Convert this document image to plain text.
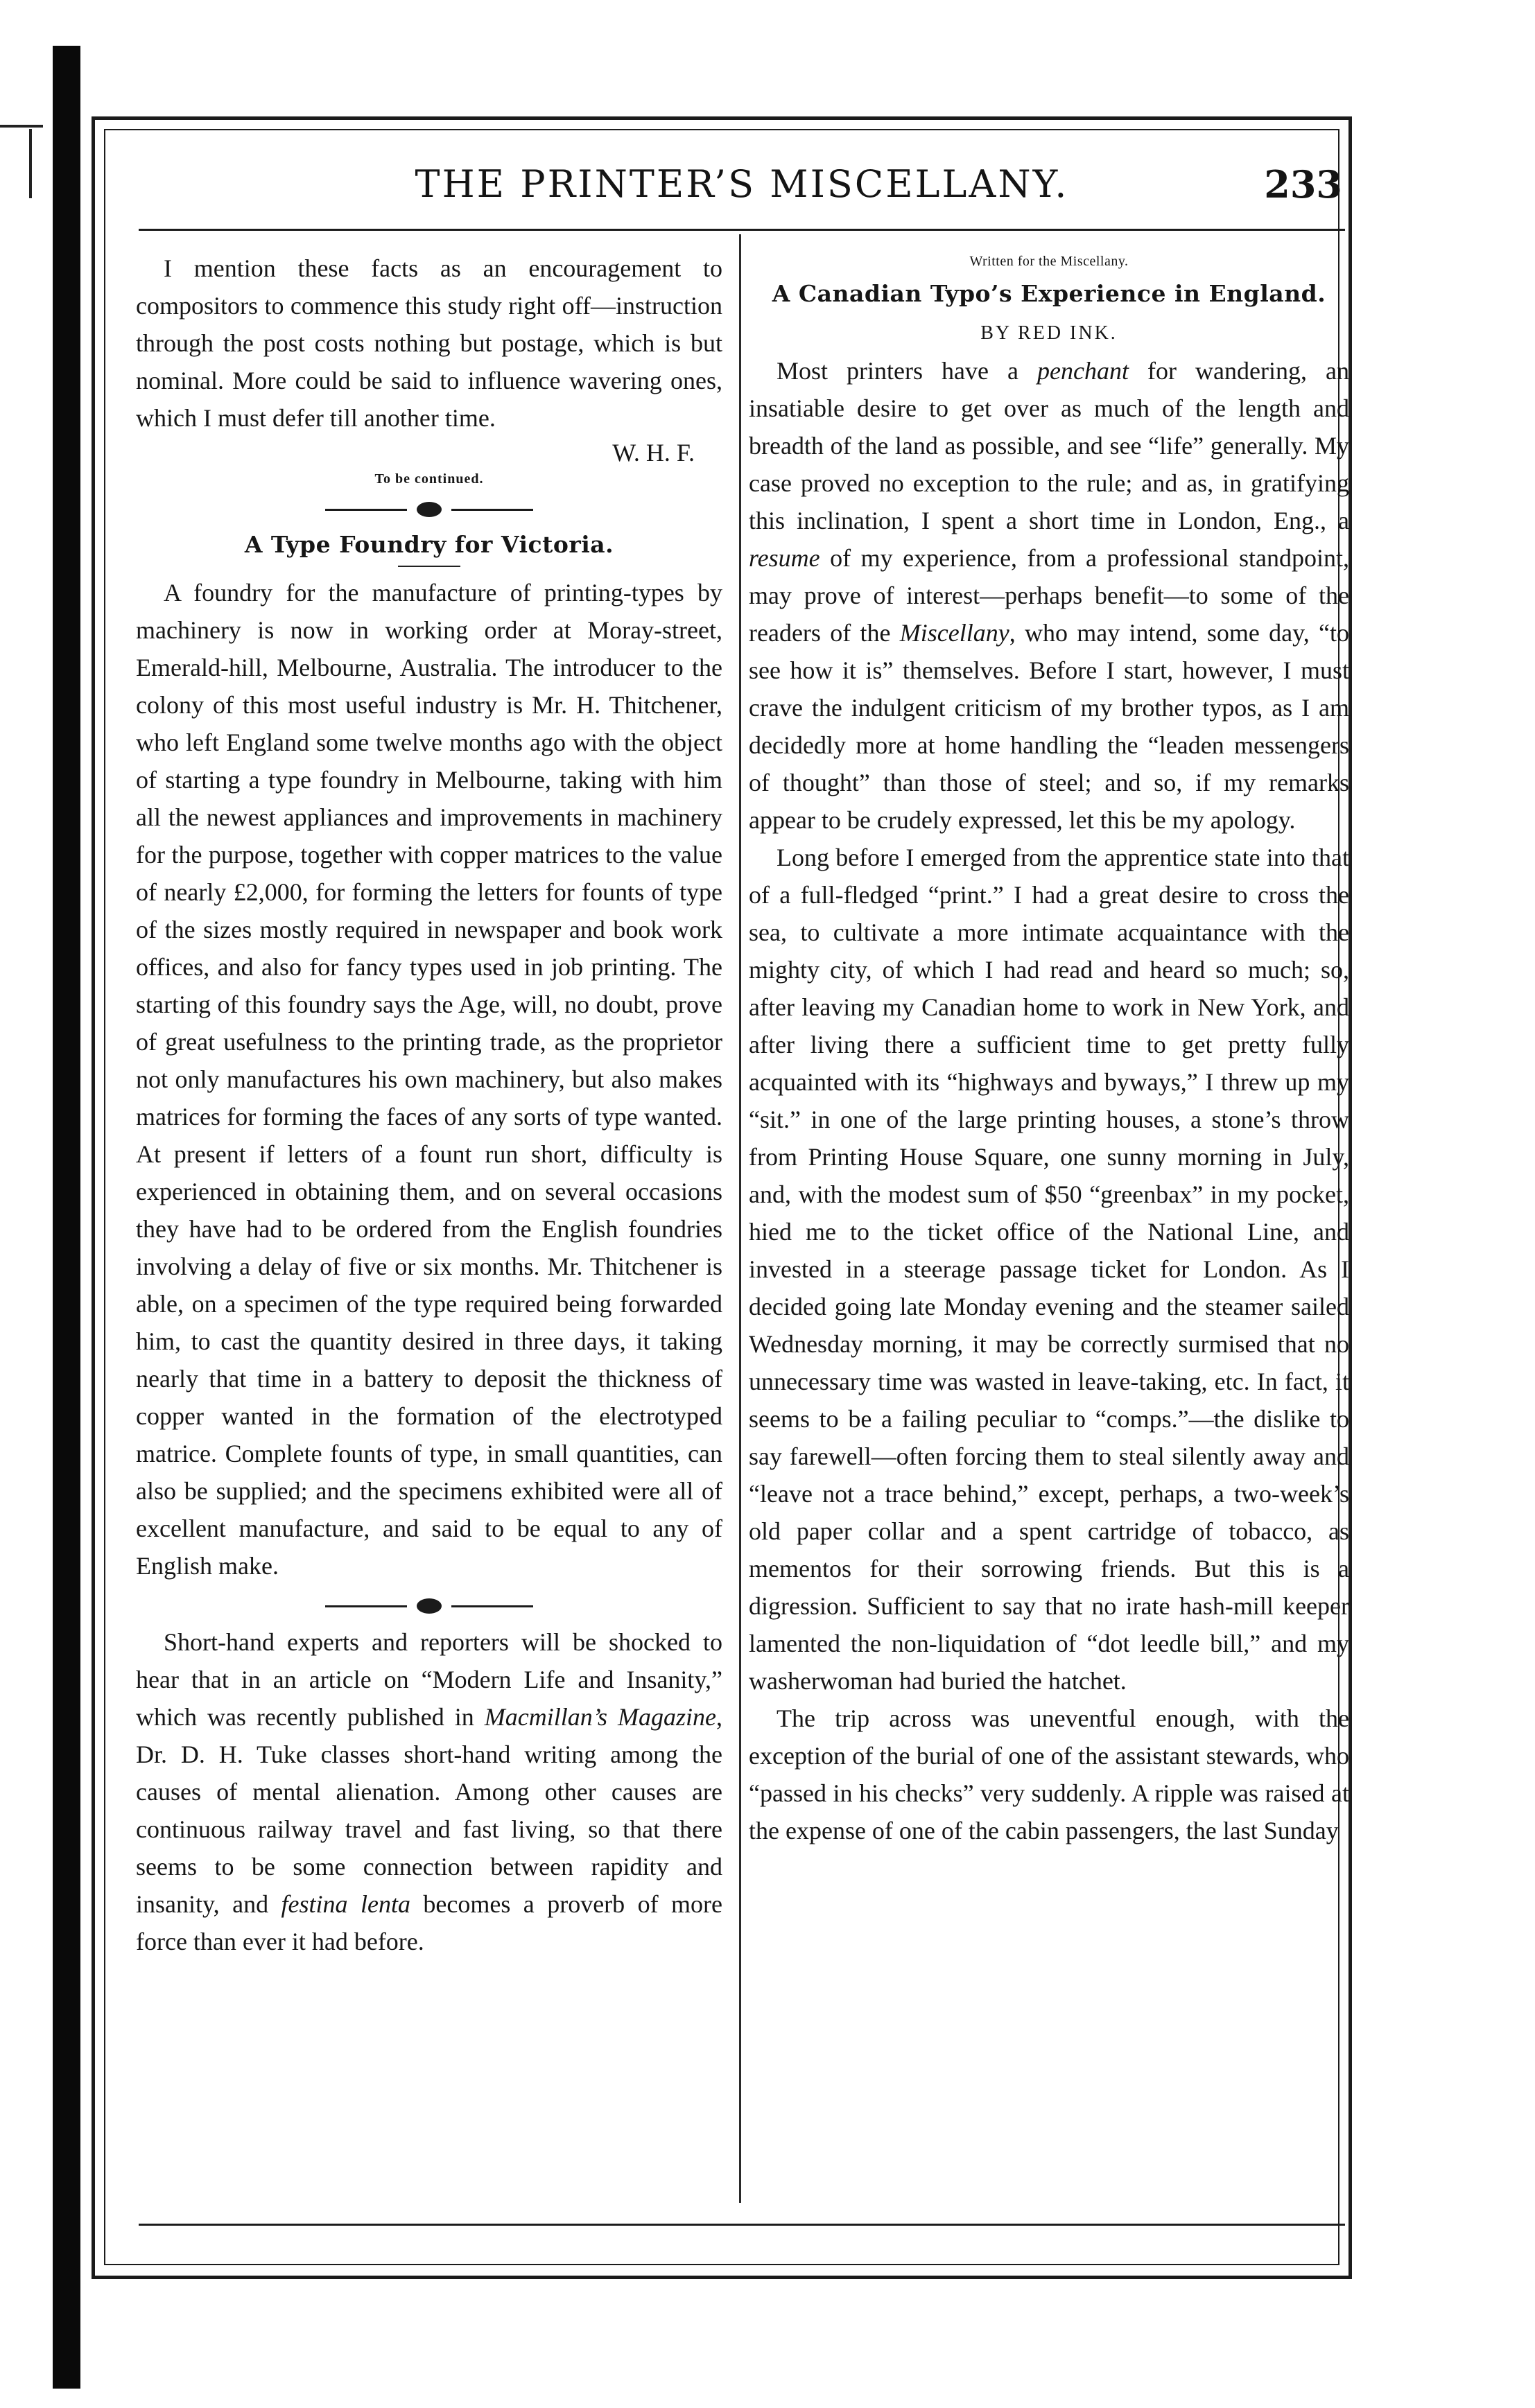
THE PRINTER’S MISCELLANY.	233

I mention these facts as an encouragement to compositors to commence this study right off—instruction through the post costs nothing but postage, which is but nominal. More could be said to influence wavering ones, which I must defer till another time.

W. H. F.

To be continued.

A Type Foundry for Victoria.

A foundry for the manufacture of printing-types by machinery is now in working order at Moray-street, Emerald-hill, Melbourne, Australia. The introducer to the colony of this most useful industry is Mr. H. Thitchener, who left England some twelve months ago with the object of starting a type foundry in Melbourne, taking with him all the newest appliances and improvements in machinery for the purpose, together with copper matrices to the value of nearly £2,000, for forming the letters for founts of type of the sizes mostly required in newspaper and book work offices, and also for fancy types used in job printing. The starting of this foundry says the Age, will, no doubt, prove of great usefulness to the printing trade, as the proprietor not only manufactures his own machinery, but also makes matrices for forming the faces of any sorts of type wanted. At present if letters of a fount run short, difficulty is experienced in obtaining them, and on several occasions they have had to be ordered from the English foundries involving a delay of five or six months. Mr. Thitchener is able, on a specimen of the type required being forwarded him, to cast the quantity desired in three days, it taking nearly that time in a battery to deposit the thickness of copper wanted in the formation of the electrotyped matrice. Complete founts of type, in small quantities, can also be supplied; and the specimens exhibited were all of excellent manufacture, and said to be equal to any of English make.

Short-hand experts and reporters will be shocked to hear that in an article on “Modern Life and Insanity,” which was recently published in Macmillan’s Magazine, Dr. D. H. Tuke classes short-hand writing among the causes of mental alienation. Among other causes are continuous railway travel and fast living, so that there seems to be some connection between rapidity and insanity, and festina lenta becomes a proverb of more force than ever it had before.

Written for the Miscellany.

A Canadian Typo’s Experience in England.

BY RED INK.

Most printers have a penchant for wandering, an insatiable desire to get over as much of the length and breadth of the land as possible, and see “life” generally. My case proved no exception to the rule; and as, in gratifying this inclination, I spent a short time in London, Eng., a resume of my experience, from a professional standpoint, may prove of interest—perhaps benefit—to some of the readers of the Miscellany, who may intend, some day, “to see how it is” themselves. Before I start, however, I must crave the indulgent criticism of my brother typos, as I am decidedly more at home handling the “leaden messengers of thought” than those of steel; and so, if my remarks appear to be crudely expressed, let this be my apology.

Long before I emerged from the apprentice state into that of a full-fledged “print.” I had a great desire to cross the sea, to cultivate a more intimate acquaintance with the mighty city, of which I had read and heard so much; so, after leaving my Canadian home to work in New York, and after living there a sufficient time to get pretty fully acquainted with its “highways and byways,” I threw up my “sit.” in one of the large printing houses, a stone’s throw from Printing House Square, one sunny morning in July, and, with the modest sum of $50 “greenbax” in my pocket, hied me to the ticket office of the National Line, and invested in a steerage passage ticket for London. As I decided going late Monday evening and the steamer sailed Wednesday morning, it may be correctly surmised that no unnecessary time was wasted in leave-taking, etc. In fact, it seems to be a failing peculiar to “comps.”—the dislike to say farewell—often forcing them to steal silently away and “leave not a trace behind,” except, perhaps, a two-week’s old paper collar and a spent cartridge of tobacco, as mementos for their sorrowing friends. But this is a digression. Sufficient to say that no irate hash-mill keeper lamented the non-liquidation of “dot leedle bill,” and my washerwoman had buried the hatchet.

The trip across was uneventful enough, with the exception of the burial of one of the assistant stewards, who “passed in his checks” very suddenly. A ripple was raised at the expense of one of the cabin passengers, the last Sunday
